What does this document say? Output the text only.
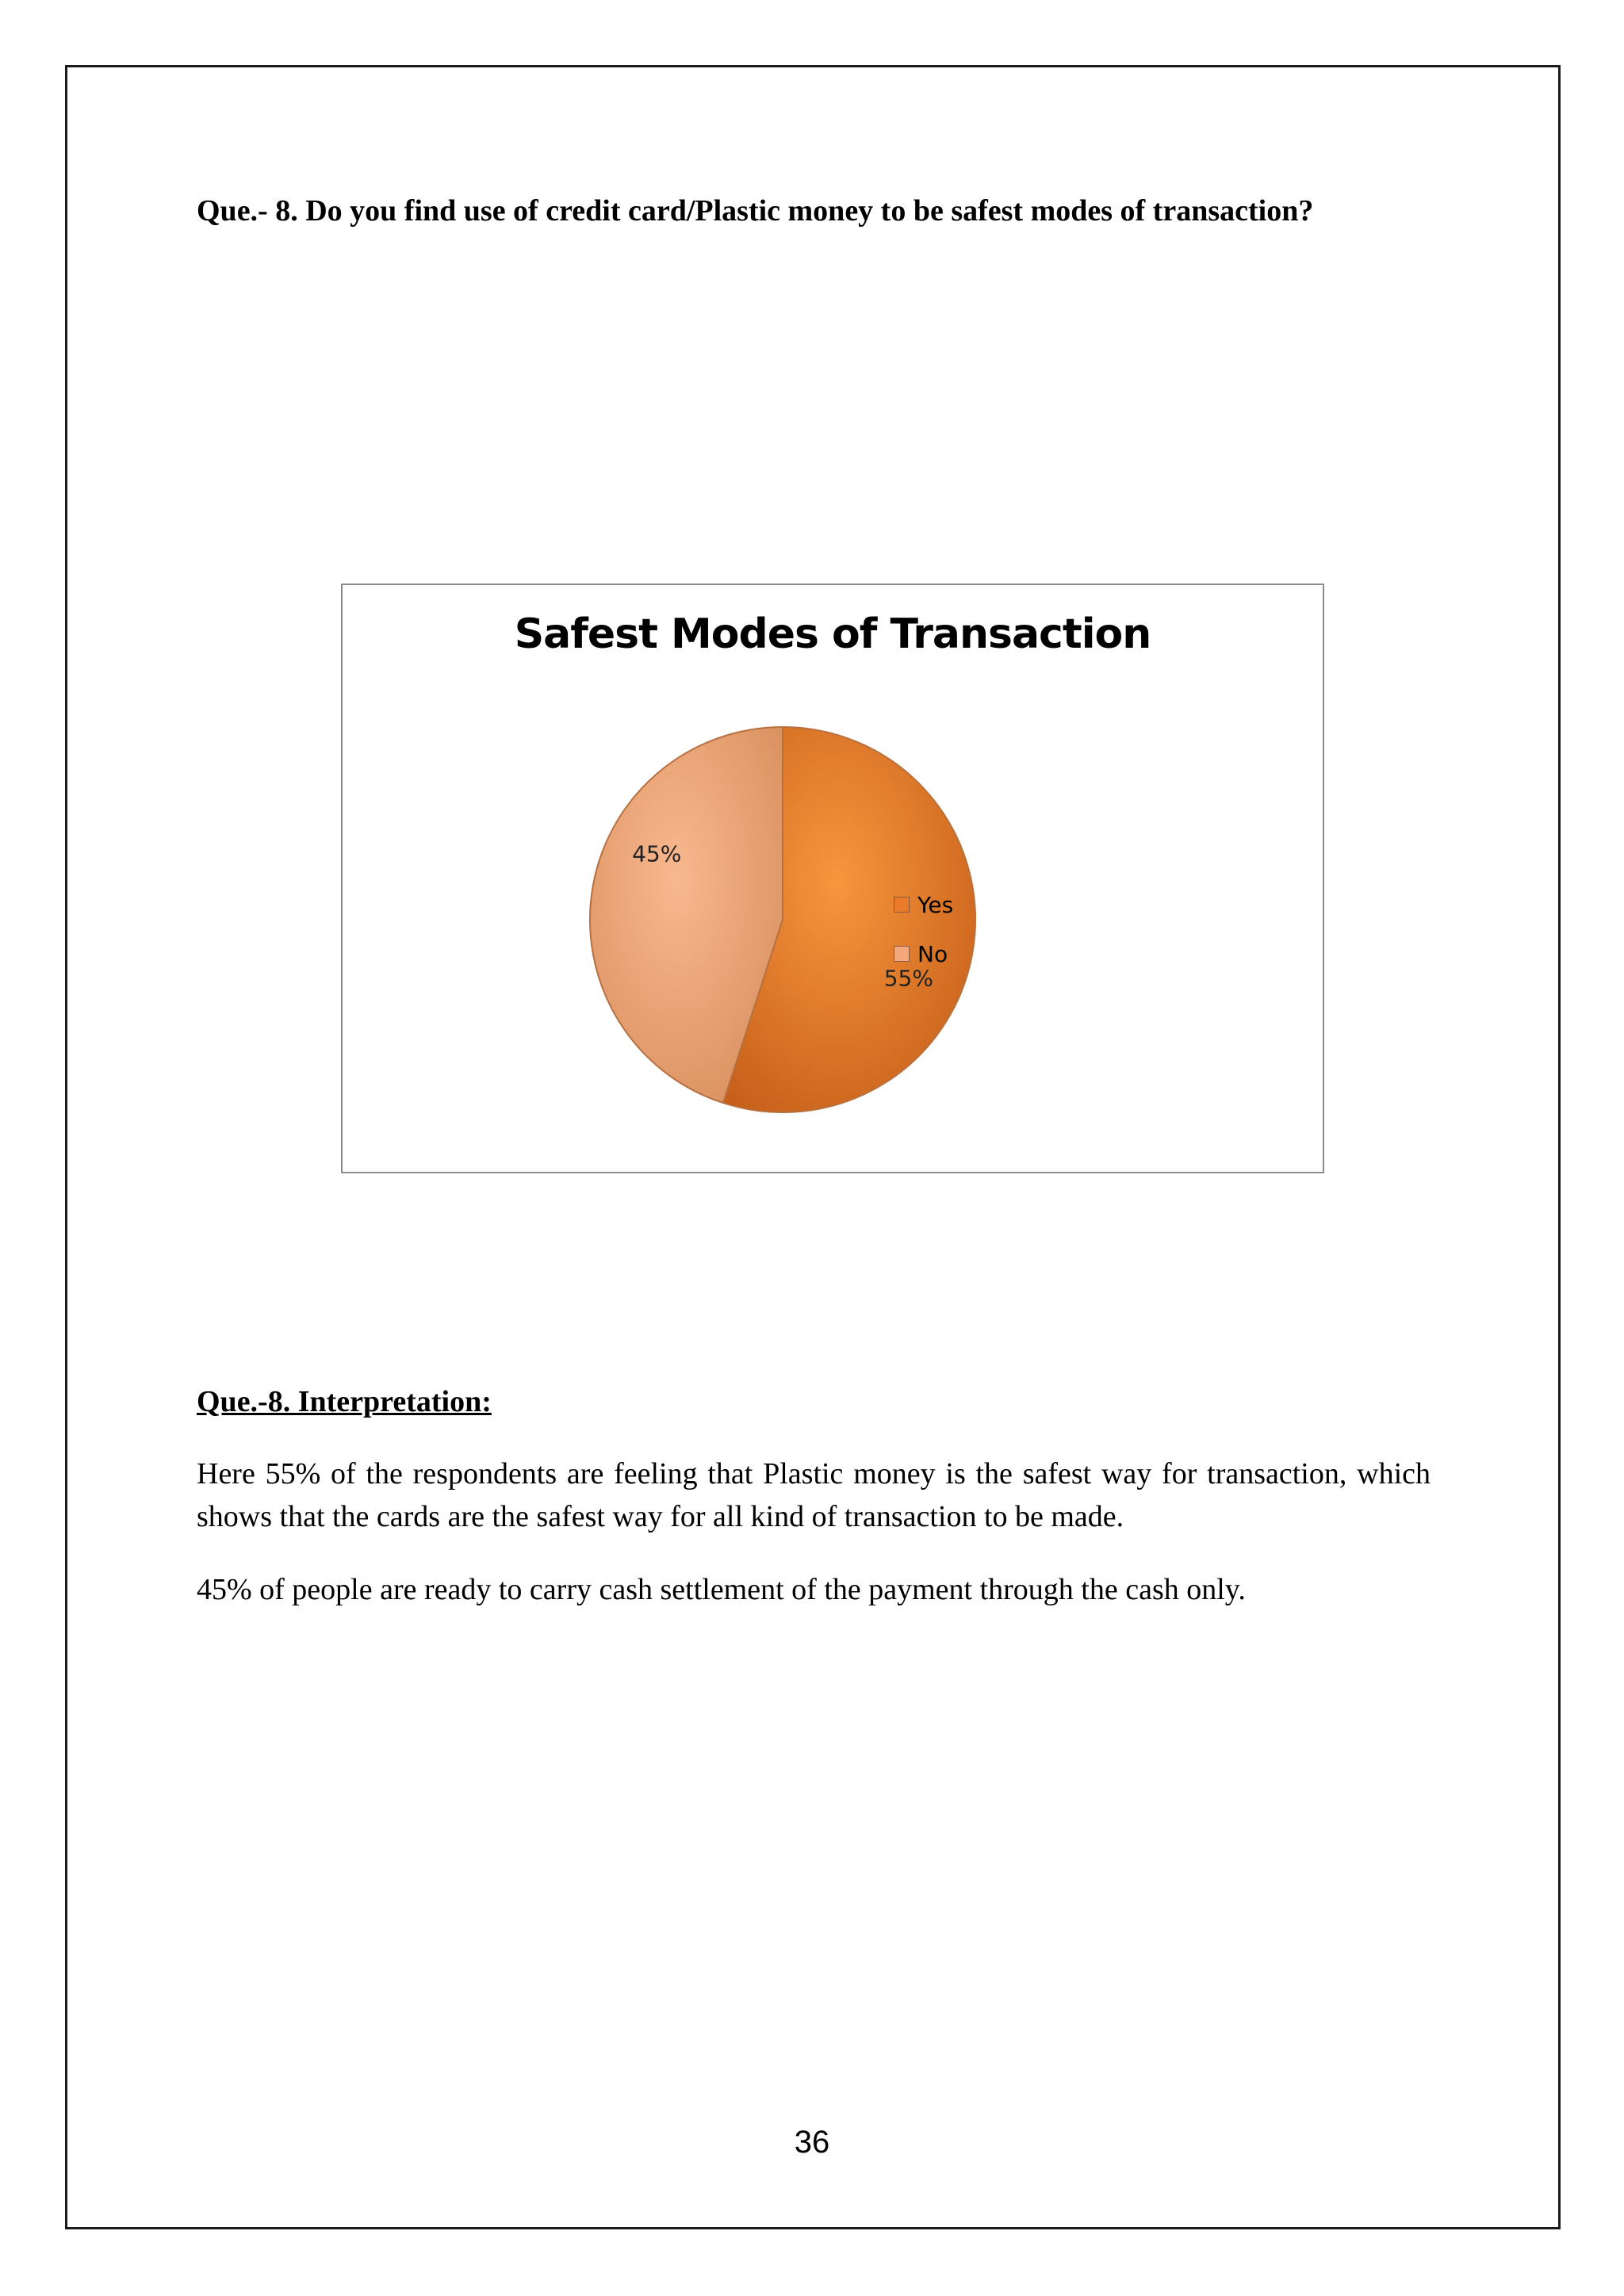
Que.- 8. Do you find use of credit card/Plastic money to be safest modes of transaction?
Safest Modes of Transaction
55%
45%
Yes
No
Que.-8. Interpretation:
Here 55% of the respondents are feeling that Plastic money is the safest way for transaction, which shows that the cards are the safest way for all kind of transaction to be made.
45% of people are ready to carry cash settlement of the payment through the cash only.
36
